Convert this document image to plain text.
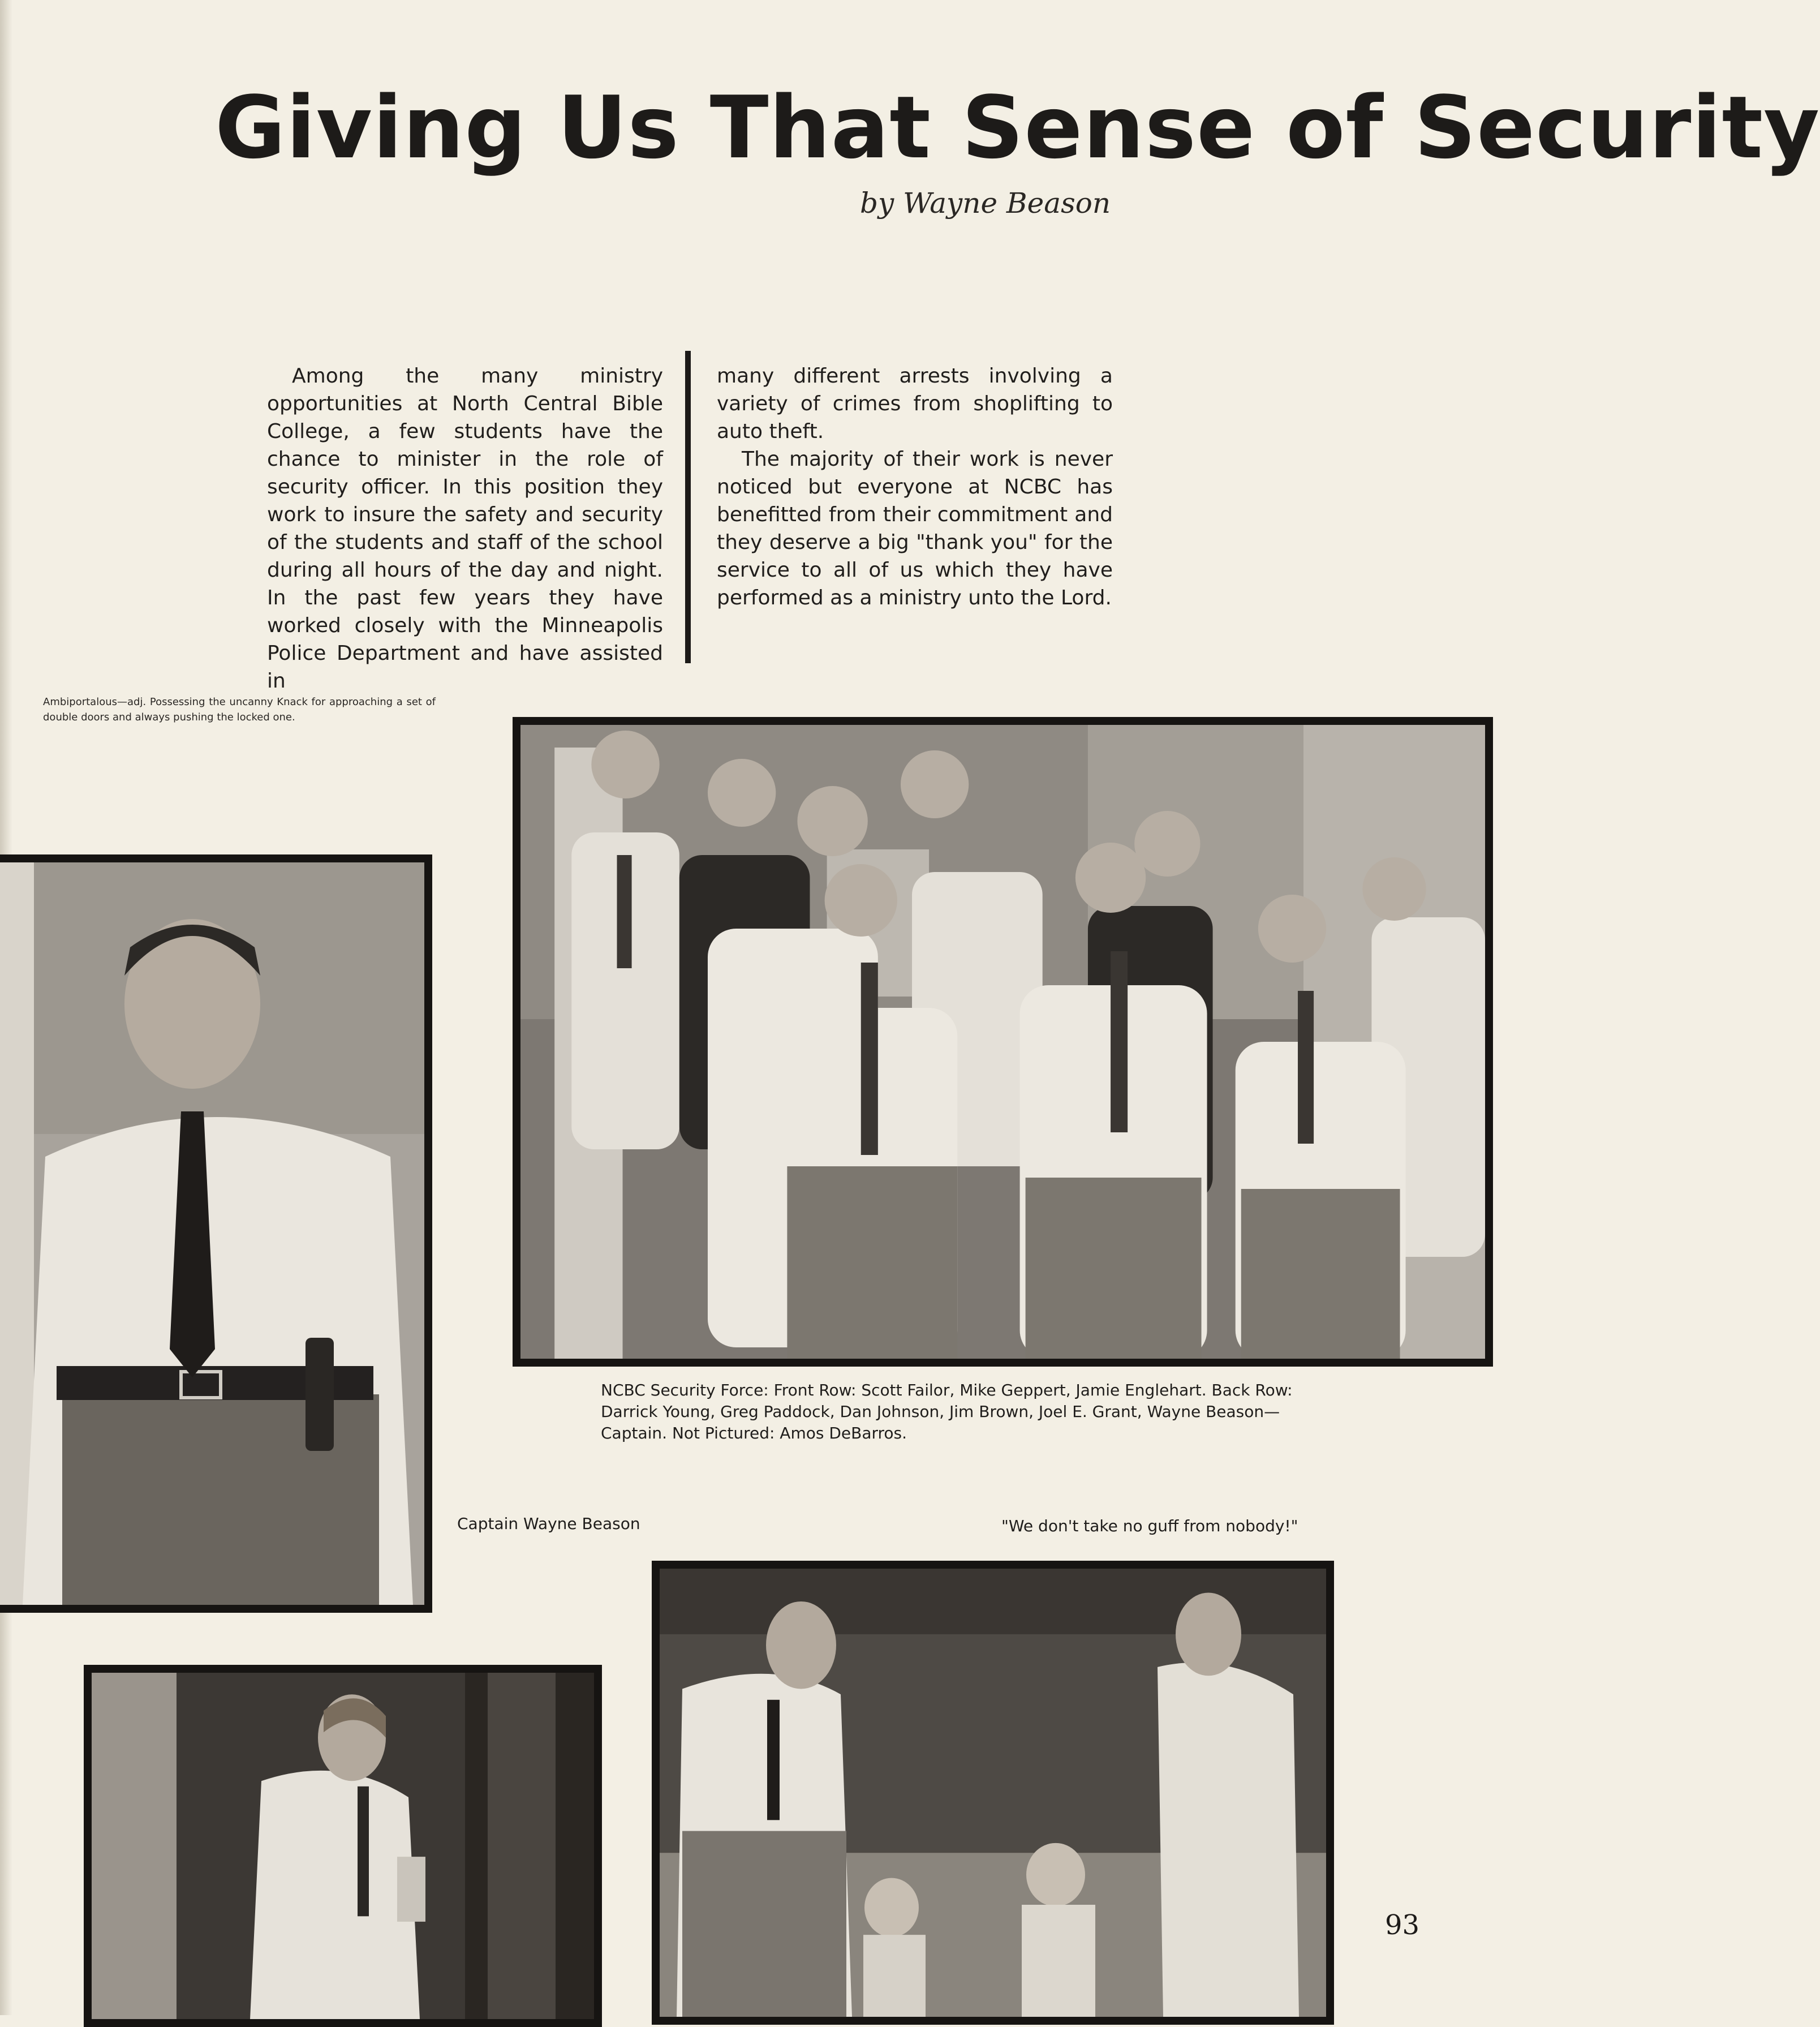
Giving Us That Sense of Security

by Wayne Beason

Among the many ministry opportunities at North Central Bible College, a few students have the chance to minister in the role of security officer. In this position they work to insure the safety and security of the students and staff of the school during all hours of the day and night. In the past few years they have worked closely with the Minneapolis Police Department and have assisted in

many different arrests involving a variety of crimes from shoplifting to auto theft.

The majority of their work is never noticed but everyone at NCBC has benefitted from their commitment and they deserve a big "thank you" for the service to all of us which they have performed as a ministry unto the Lord.

Ambiportalous—adj. Possessing the uncanny Knack for approaching a set of double doors and always pushing the locked one.

NCBC Security Force: Front Row: Scott Failor, Mike Geppert, Jamie Englehart. Back Row: Darrick Young, Greg Paddock, Dan Johnson, Jim Brown, Joel E. Grant, Wayne Beason—Captain. Not Pictured: Amos DeBarros.

Captain Wayne Beason	"We don't take no guff from nobody!"

93
